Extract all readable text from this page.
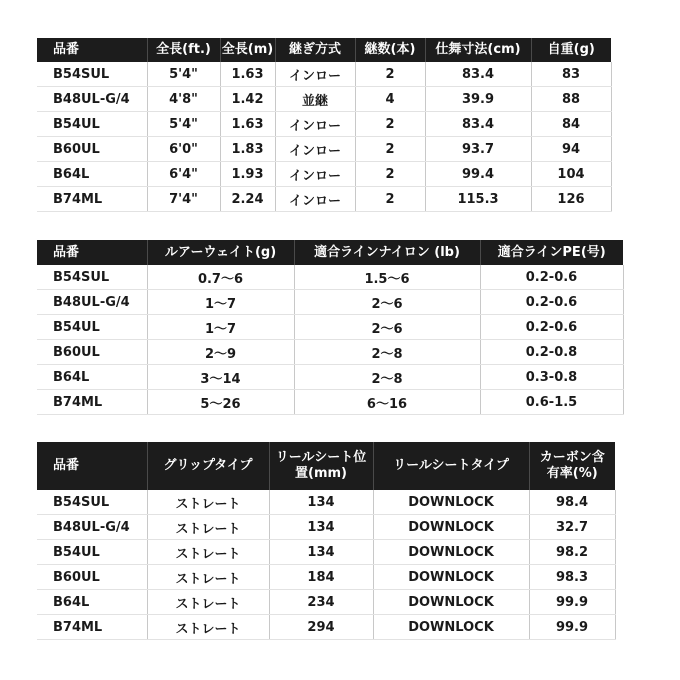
品番	全長(ft.)	全長(m)	継ぎ方式	継数(本)	仕舞寸法(cm)	自重(g)
B54SUL	5'4"	1.63	インロー	2	83.4	83
B48UL-G/4	4'8"	1.42	並継	4	39.9	88
B54UL	5'4"	1.63	インロー	2	83.4	84
B60UL	6'0"	1.83	インロー	2	93.7	94
B64L	6'4"	1.93	インロー	2	99.4	104
B74ML	7'4"	2.24	インロー	2	115.3	126
品番	ルアーウェイト(g)	適合ラインナイロン (lb)	適合ラインPE(号)
B54SUL	0.7〜6	1.5〜6	0.2-0.6
B48UL-G/4	1〜7	2〜6	0.2-0.6
B54UL	1〜7	2〜6	0.2-0.6
B60UL	2〜9	2〜8	0.2-0.8
B64L	3〜14	2〜8	0.3-0.8
B74ML	5〜26	6〜16	0.6-1.5
品番	グリップタイプ	リールシート位置(mm)	リールシートタイプ	カーボン含有率(%)
B54SUL	ストレート	134	DOWNLOCK	98.4
B48UL-G/4	ストレート	134	DOWNLOCK	32.7
B54UL	ストレート	134	DOWNLOCK	98.2
B60UL	ストレート	184	DOWNLOCK	98.3
B64L	ストレート	234	DOWNLOCK	99.9
B74ML	ストレート	294	DOWNLOCK	99.9
